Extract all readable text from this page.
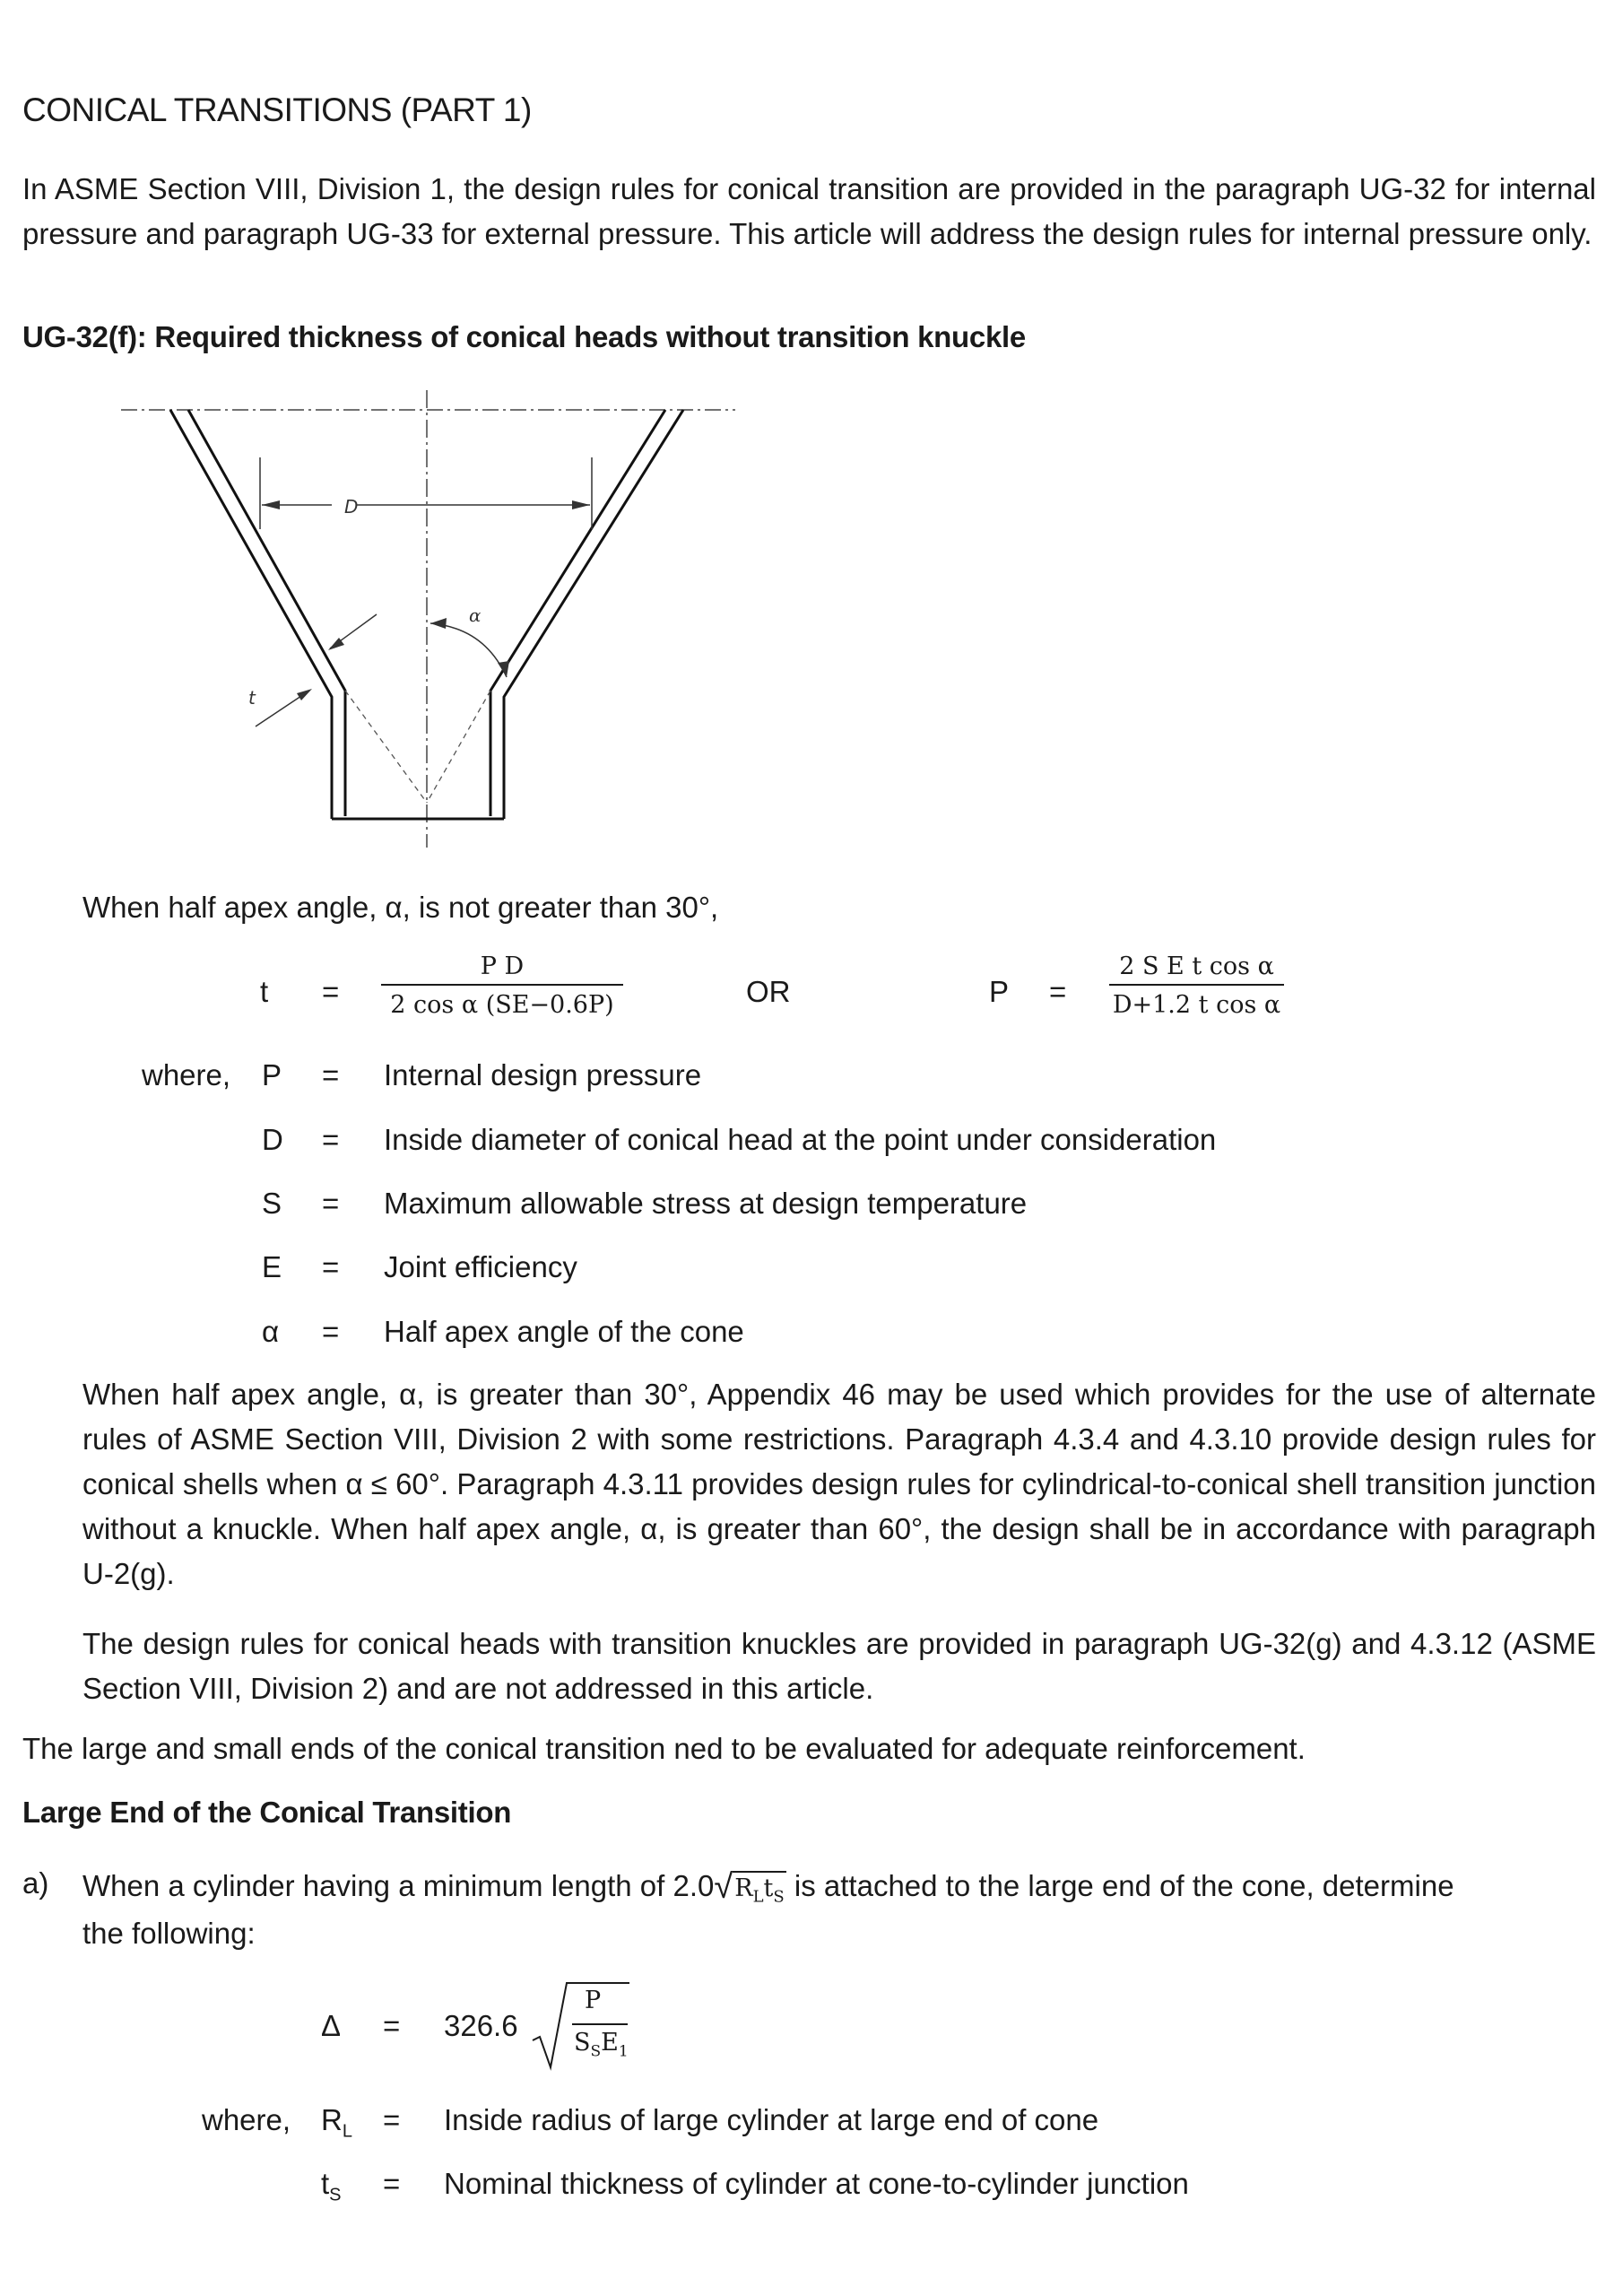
CONICAL TRANSITIONS (PART 1)
In ASME Section VIII, Division 1, the design rules for conical transition are provided in the paragraph UG-32 for internal pressure and paragraph UG-33 for external pressure. This article will address the design rules for internal pressure only.
UG-32(f): Required thickness of conical heads without transition knuckle
D
α
t
When half apex angle, α, is not greater than 30°,
t =
P D
2 cos α (SE−0.6P)	OR	P =
2 S E t cos α
D+1.2 t cos α
where, P = Internal design pressure
D = Inside diameter of conical head at the point under consideration
S = Maximum allowable stress at design temperature
E = Joint efficiency
α = Half apex angle of the cone
When half apex angle, α, is greater than 30°, Appendix 46 may be used which provides for the use of alternate rules of ASME Section VIII, Division 2 with some restrictions. Paragraph 4.3.4 and 4.3.10 provide design rules for conical shells when α ≤ 60°. Paragraph 4.3.11 provides design rules for cylindrical-to-conical shell transition junction without a knuckle. When half apex angle, α, is greater than 60°, the design shall be in accordance with paragraph U-2(g).
The design rules for conical heads with transition knuckles are provided in paragraph UG-32(g) and 4.3.12 (ASME Section VIII, Division 2) and are not addressed in this article.
The large and small ends of the conical transition ned to be evaluated for adequate reinforcement.
Large End of the Conical Transition
a) When a cylinder having a minimum length of $2.0√R_Lt_S$ is attached to the large end of the cone, determine
the following:
Δ = 326.6
P
$S_SE_1$
where, $R_L$ = Inside radius of large cylinder at large end of cone
$t_S$ = Nominal thickness of cylinder at cone-to-cylinder junction
